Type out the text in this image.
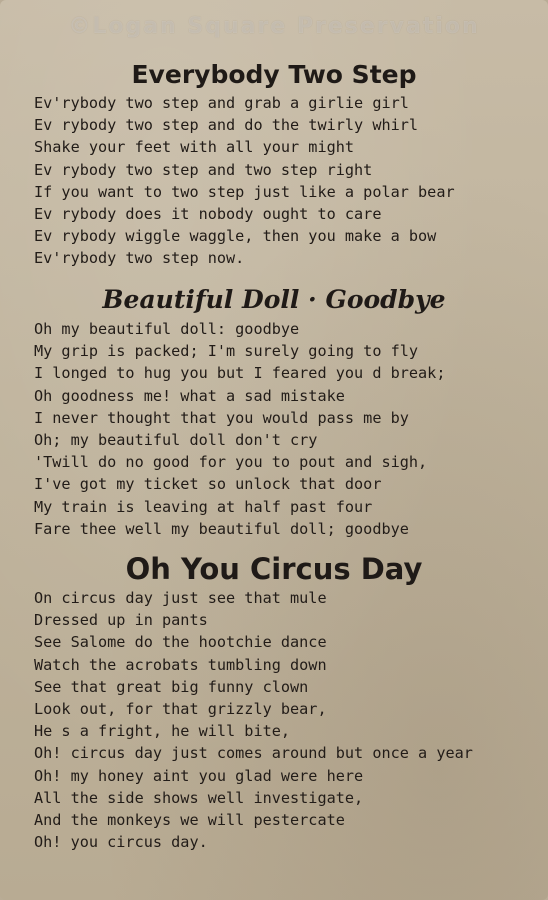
©Logan Square Preservation
Everybody Two Step
Ev'rybody two step and grab a girlie girl
Ev rybody two step and do the twirly whirl
Shake your feet with all your might
Ev rybody two step and two step right
If you want to two step just like a polar bear
Ev rybody does it nobody ought to care
Ev rybody wiggle waggle, then you make a bow
Ev'rybody two step now.
Beautiful Doll · Goodbye
Oh my beautiful doll: goodbye
My grip is packed; I'm surely going to fly
I longed to hug you but I feared you d break;
Oh goodness me! what a sad mistake
I never thought that you would pass me by
Oh; my beautiful doll don't cry
'Twill do no good for you to pout and sigh,
I've got my ticket so unlock that door
My train is leaving at half past four
Fare thee well my beautiful doll; goodbye
Oh You Circus Day
On circus day just see that mule
Dressed up in pants
See Salome do the hootchie dance
Watch the acrobats tumbling down
See that great big funny clown
Look out, for that grizzly bear,
He s a fright, he will bite,
Oh! circus day just comes around but once a year
Oh! my honey aint you glad were here
All the side shows well investigate,
And the monkeys we will pestercate
Oh! you circus day.
